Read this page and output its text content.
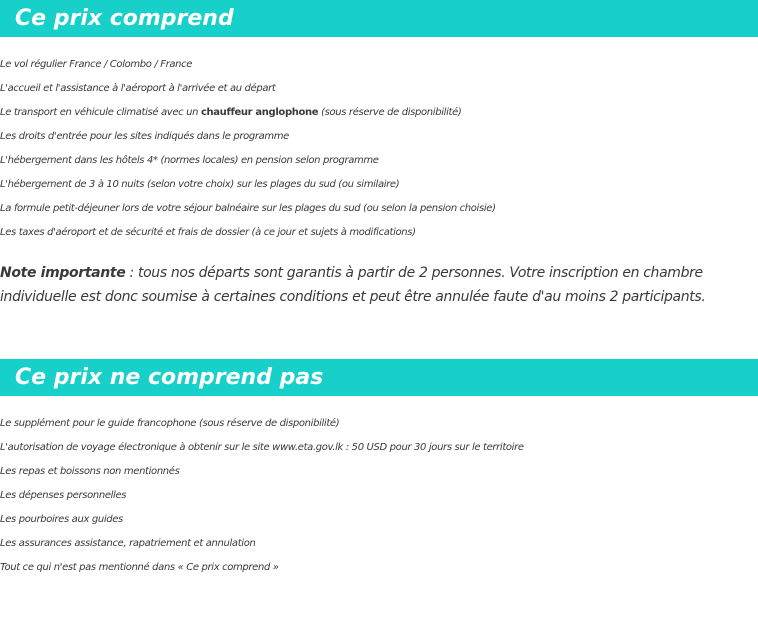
Ce prix comprend
Le vol régulier France / Colombo / France
L'accueil et l'assistance à l'aéroport à l'arrivée et au départ
Le transport en véhicule climatisé avec un chauffeur anglophone (sous réserve de disponibilité)
Les droits d'entrée pour les sites indiqués dans le programme
L'hébergement dans les hôtels 4* (normes locales) en pension selon programme
L'hébergement de 3 à 10 nuits (selon votre choix) sur les plages du sud (ou similaire)
La formule petit-déjeuner lors de votre séjour balnéaire sur les plages du sud (ou selon la pension choisie)
Les taxes d'aéroport et de sécurité et frais de dossier (à ce jour et sujets à modifications)
Note importante : tous nos départs sont garantis à partir de 2 personnes. Votre inscription en chambre individuelle est donc soumise à certaines conditions et peut être annulée faute d'au moins 2 participants.
Ce prix ne comprend pas
Le supplément pour le guide francophone (sous réserve de disponibilité)
L'autorisation de voyage électronique à obtenir sur le site www.eta.gov.lk : 50 USD pour 30 jours sur le territoire
Les repas et boissons non mentionnés
Les dépenses personnelles
Les pourboires aux guides
Les assurances assistance, rapatriement et annulation
Tout ce qui n'est pas mentionné dans « Ce prix comprend »
